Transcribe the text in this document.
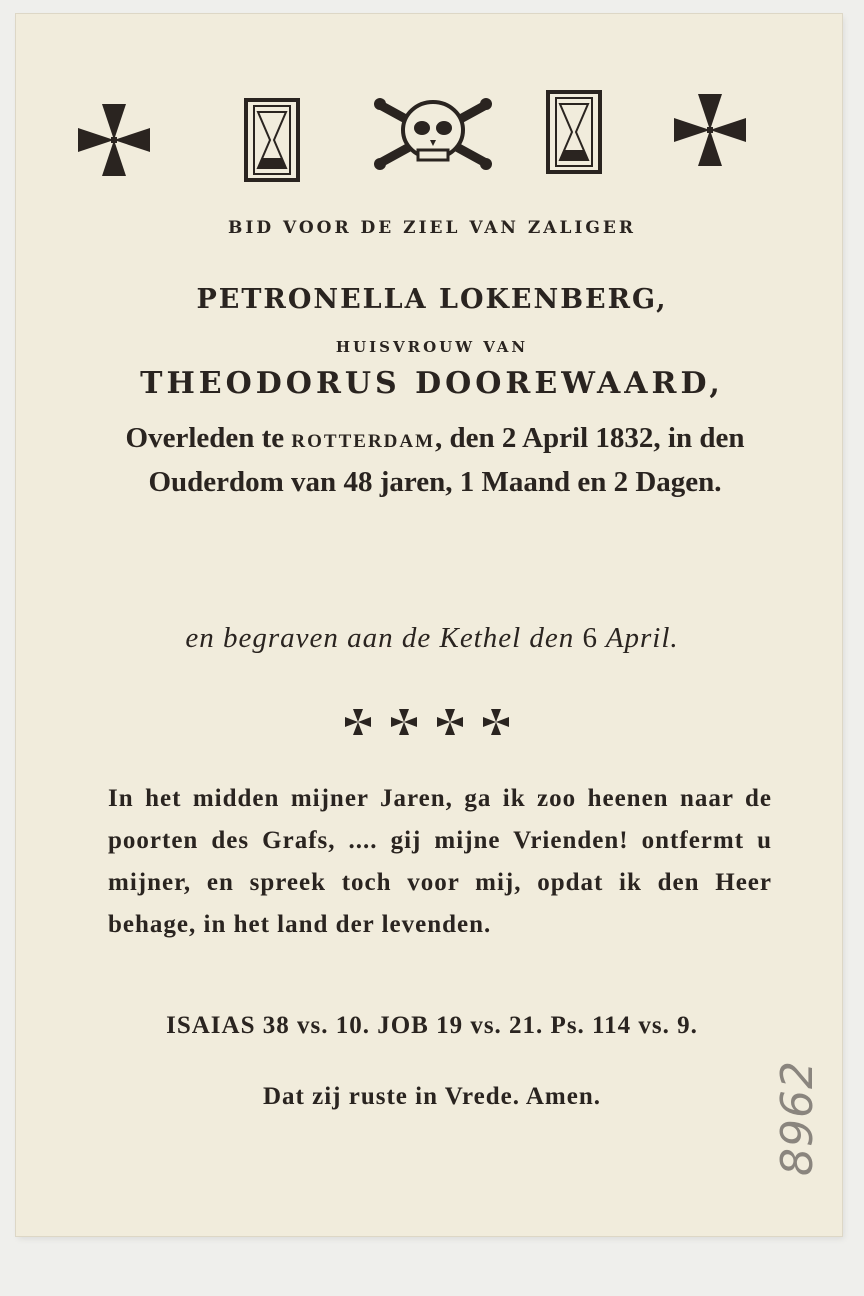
BID VOOR DE ZIEL VAN ZALIGER
PETRONELLA LOKENBERG,
HUISVROUW VAN
THEODORUS DOOREWAARD,
Overleden te ROTTERDAM, den 2 April 1832, in den Ouderdom van 48 jaren, 1 Maand en 2 Dagen.
en begraven aan de Kethel den 6 April.
In het midden mijner Jaren, ga ik zoo heenen naar de poorten des Grafs, .... gij mijne Vrienden! ontfermt u mijner, en spreek toch voor mij, opdat ik den Heer behage, in het land der levenden.
ISAIAS 38 vs. 10. JOB 19 vs. 21. Ps. 114 vs. 9.
Dat zij ruste in Vrede. Amen.	8962
